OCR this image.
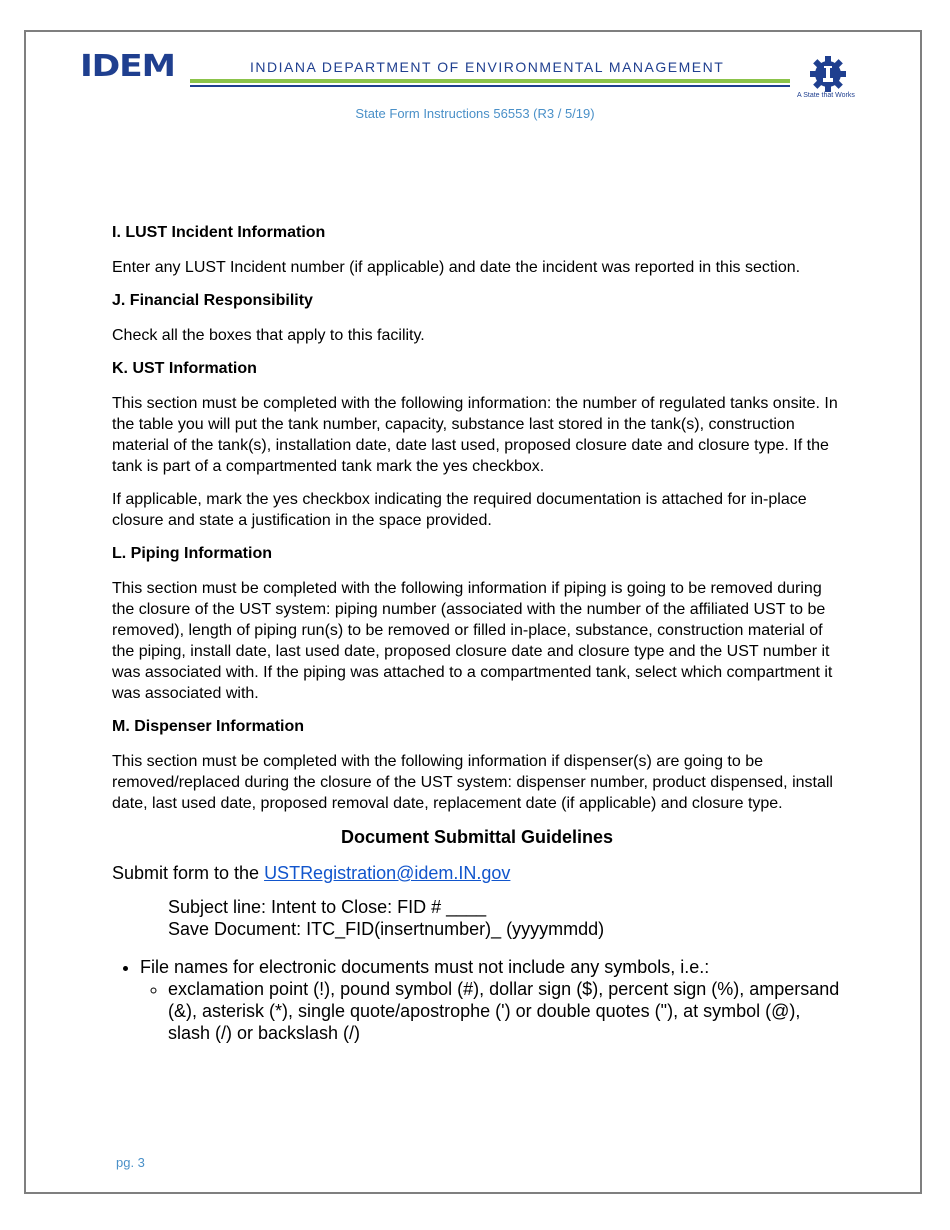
IDEM	INDIANA DEPARTMENT OF ENVIRONMENTAL MANAGEMENT
A State that Works
State Form Instructions 56553 (R3 / 5/19)
I. LUST Incident Information

Enter any LUST Incident number (if applicable) and date the incident was reported in this section.

J. Financial Responsibility

Check all the boxes that apply to this facility.

K. UST Information

This section must be completed with the following information: the number of regulated tanks onsite. In the table you will put the tank number, capacity, substance last stored in the tank(s), construction material of the tank(s), installation date, date last used, proposed closure date and closure type. If the tank is part of a compartmented tank mark the yes checkbox.

If applicable, mark the yes checkbox indicating the required documentation is attached for in-place closure and state a justification in the space provided.

L. Piping Information

This section must be completed with the following information if piping is going to be removed during the closure of the UST system: piping number (associated with the number of the affiliated UST to be removed), length of piping run(s) to be removed or filled in-place, substance, construction material of the piping, install date, last used date, proposed closure date and closure type and the UST number it was associated with. If the piping was attached to a compartmented tank, select which compartment it was associated with.

M. Dispenser Information

This section must be completed with the following information if dispenser(s) are going to be removed/replaced during the closure of the UST system: dispenser number, product dispensed, install date, last used date, proposed removal date, replacement date (if applicable) and closure type.

Document Submittal Guidelines
Submit form to the USTRegistration@idem.IN.gov
Subject line: Intent to Close: FID # ____
Save Document: ITC_FID(insertnumber)_ (yyyymmdd)
• File names for electronic documents must not include any symbols, i.e.:
◦ exclamation point (!), pound symbol (#), dollar sign ($), percent sign (%), ampersand (&), asterisk (*), single quote/apostrophe (') or double quotes ("), at symbol (@), slash (/) or backslash (/)
pg. 3
